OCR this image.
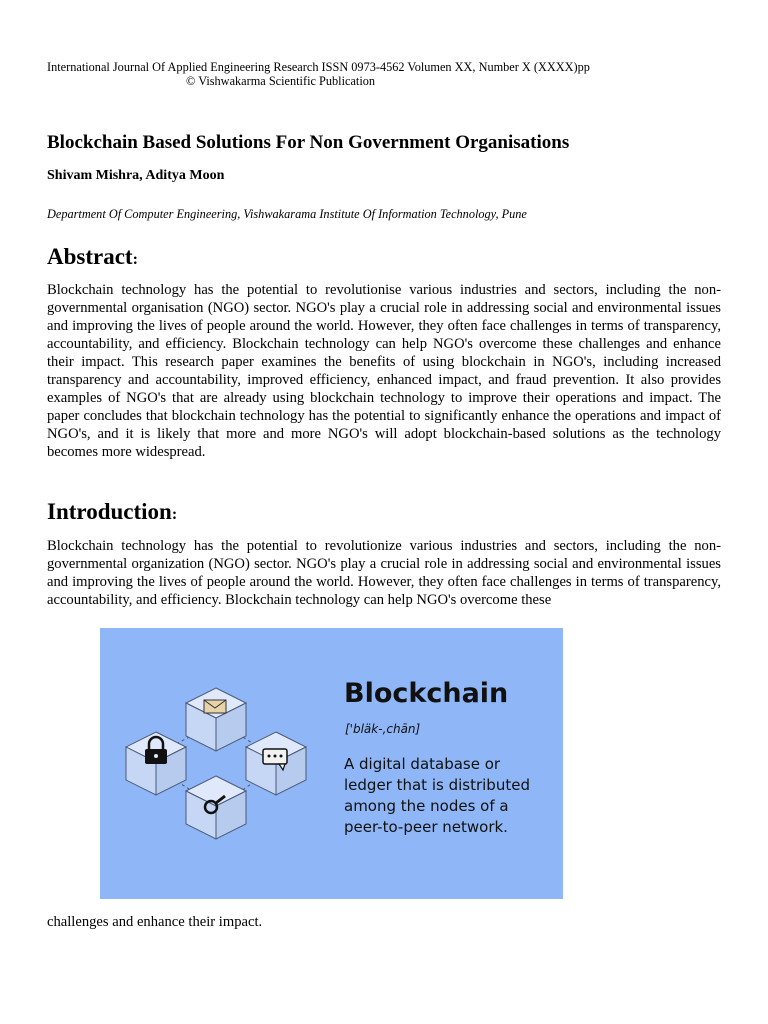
International Journal Of Applied Engineering Research ISSN 0973-4562 Volumen XX, Number X (XXXX)pp
© Vishwakarma Scientific Publication
Blockchain Based Solutions For Non Government Organisations
Shivam Mishra, Aditya Moon
Department Of Computer Engineering, Vishwakarama Institute Of Information Technology, Pune
Abstract:
Blockchain technology has the potential to revolutionise various industries and sectors, including the non-governmental organisation (NGO) sector. NGO's play a crucial role in addressing social and environmental issues and improving the lives of people around the world. However, they often face challenges in terms of transparency, accountability, and efficiency. Blockchain technology can help NGO's overcome these challenges and enhance their impact. This research paper examines the benefits of using blockchain in NGO's, including increased transparency and accountability, improved efficiency, enhanced impact, and fraud prevention. It also provides examples of NGO's that are already using blockchain technology to improve their operations and impact. The paper concludes that blockchain technology has the potential to significantly enhance the operations and impact of NGO's, and it is likely that more and more NGO's will adopt blockchain-based solutions as the technology becomes more widespread.
Introduction:
Blockchain technology has the potential to revolutionize various industries and sectors, including the non-governmental organization (NGO) sector. NGO's play a crucial role in addressing social and environmental issues and improving the lives of people around the world. However, they often face challenges in terms of transparency, accountability, and efficiency. Blockchain technology can help NGO's overcome these
Blockchain
['bläk-,chān]
A digital database or
ledger that is distributed
among the nodes of a
peer-to-peer network.
challenges and enhance their impact.
